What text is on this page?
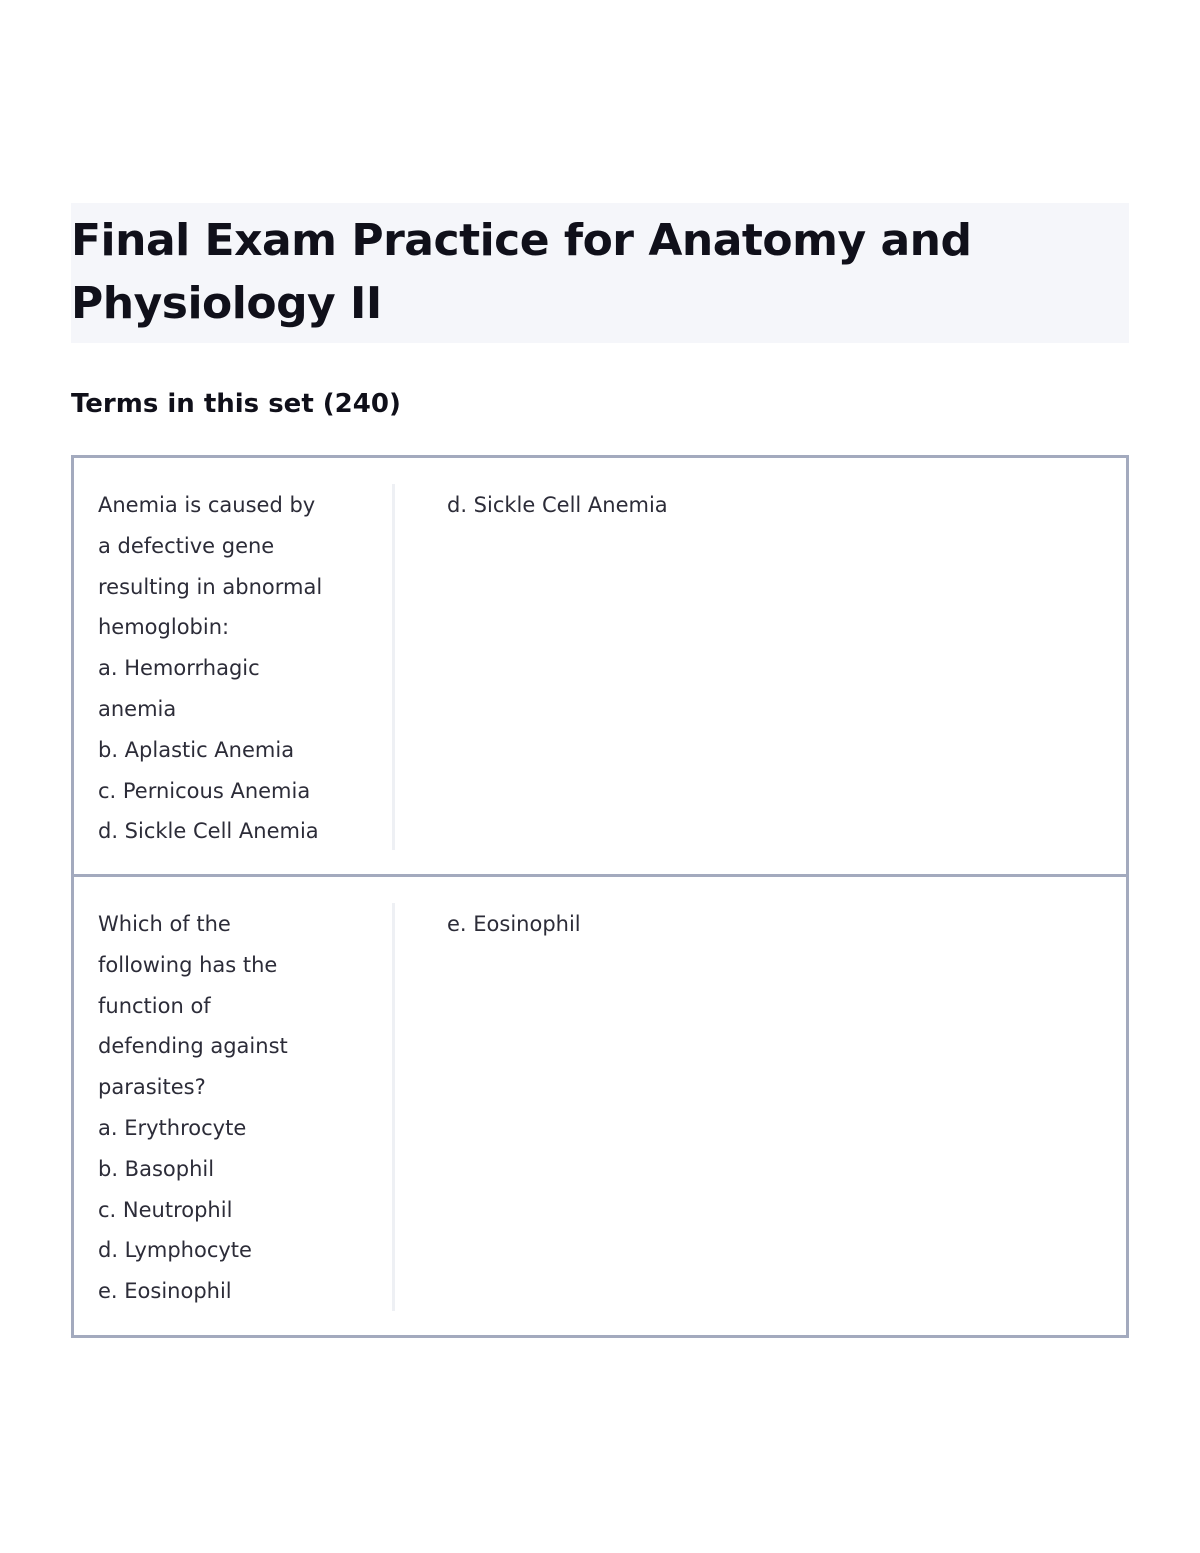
Final Exam Practice for Anatomy and Physiology II
Terms in this set (240)

Anemia is caused by
a defective gene
resulting in abnormal
hemoglobin:
a. Hemorrhagic
anemia
b. Aplastic Anemia
c. Pernicous Anemia
d. Sickle Cell Anemia

d. Sickle Cell Anemia

Which of the
following has the
function of
defending against
parasites?
a. Erythrocyte
b. Basophil
c. Neutrophil
d. Lymphocyte
e. Eosinophil

e. Eosinophil
